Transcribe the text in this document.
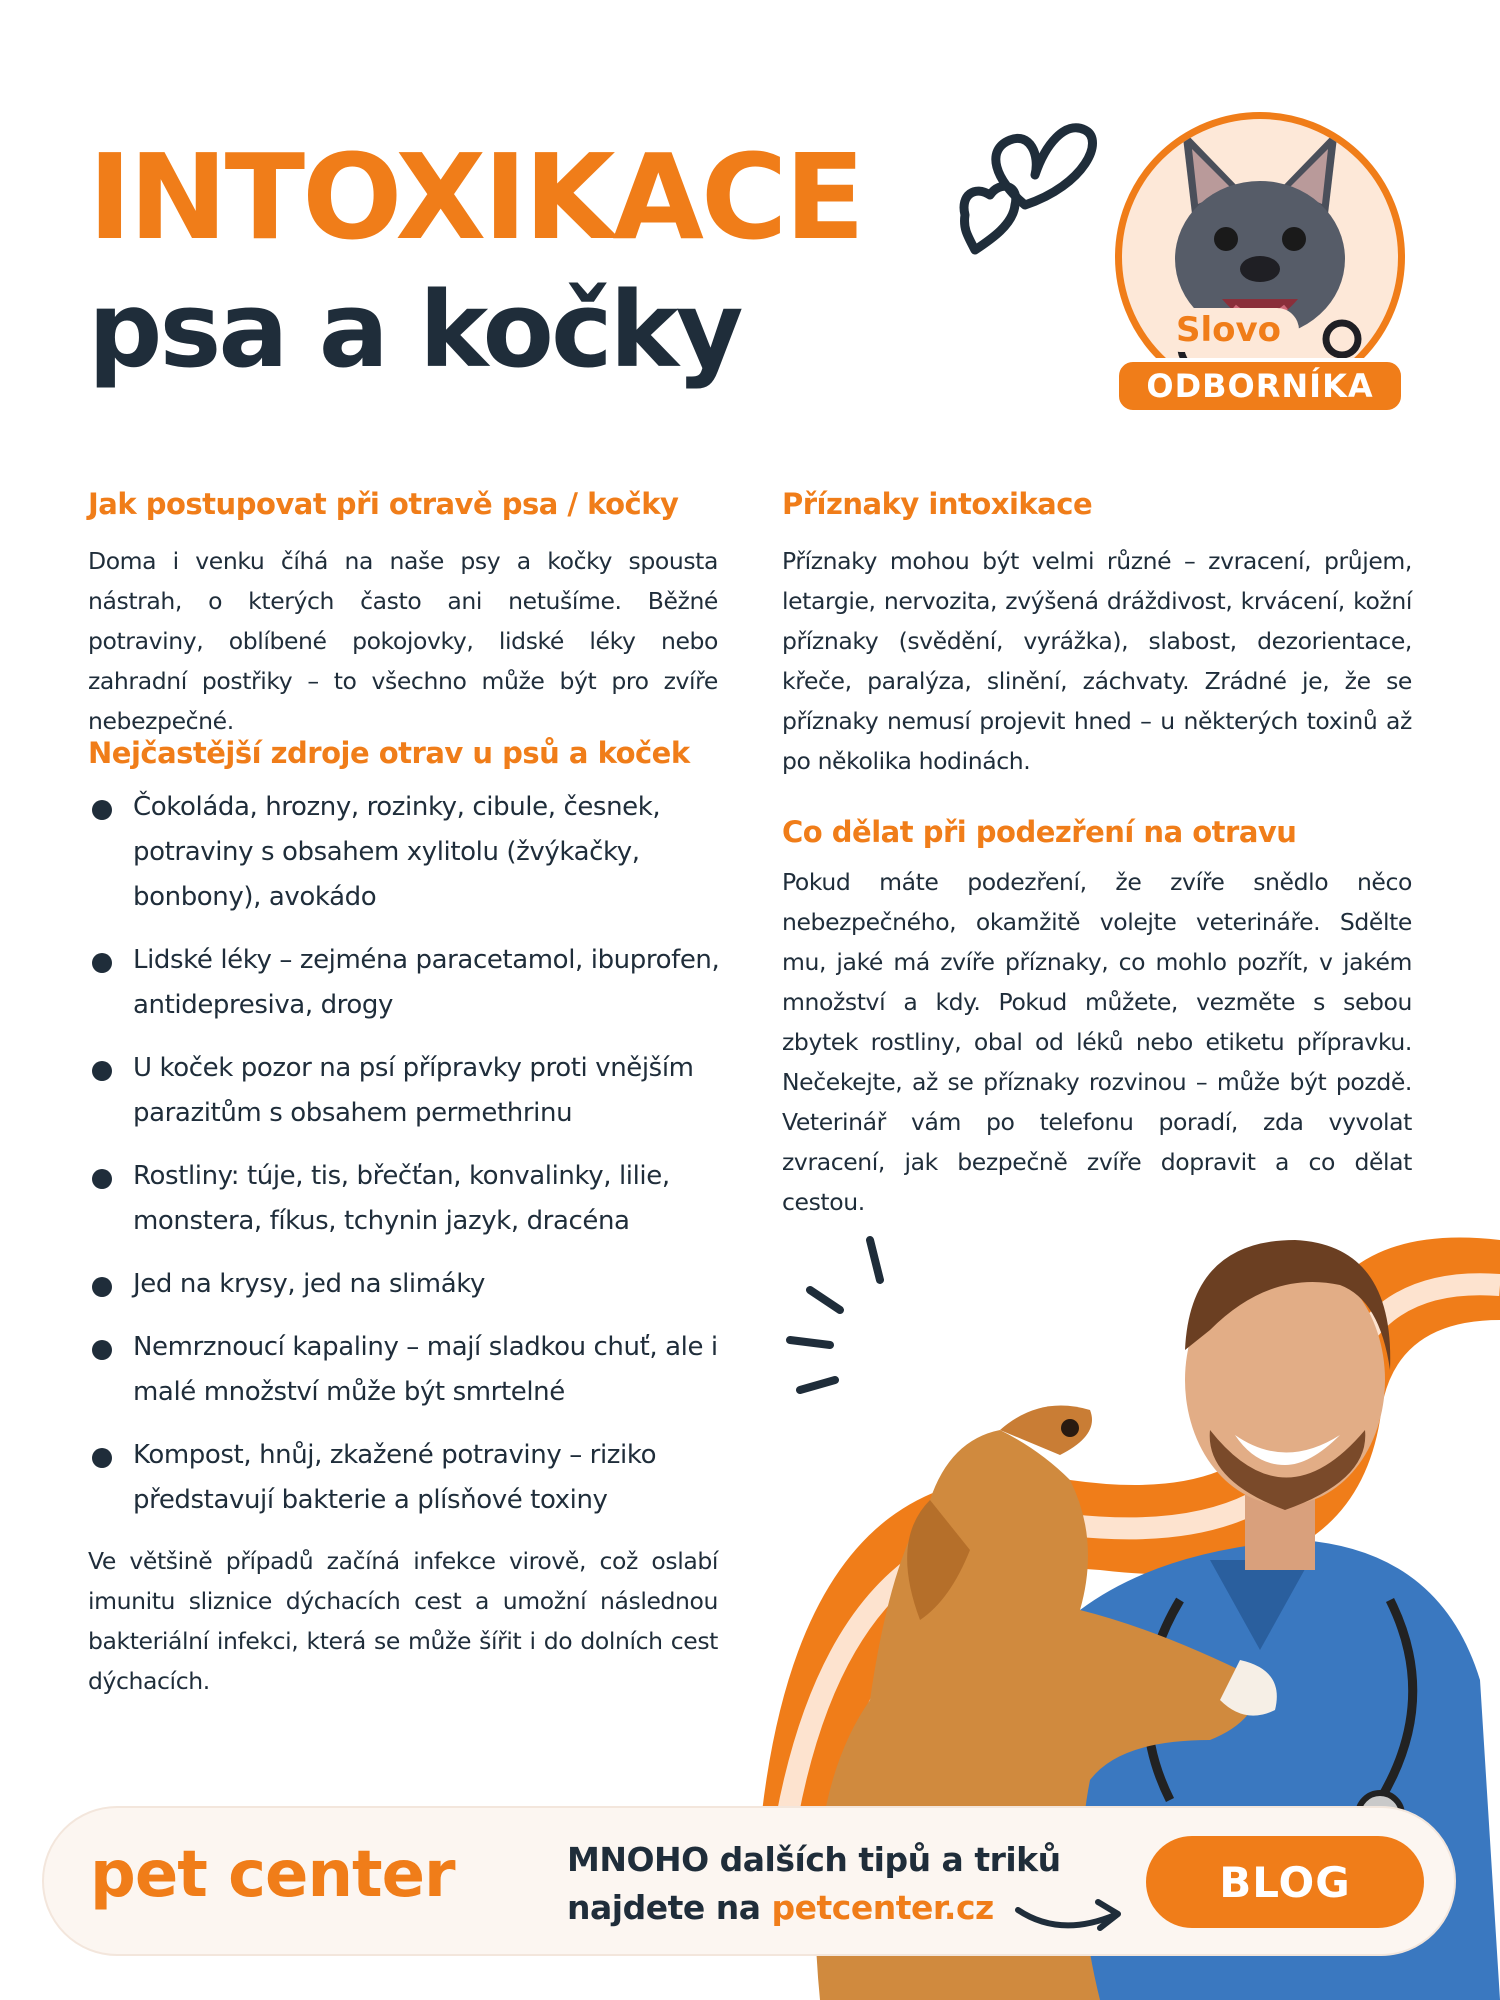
INTOXIKACE
psa a kočky	Slovo
ODBORNÍKA
Jak postupovat při otravě psa / kočky

Doma i venku číhá na naše psy a kočky spousta nástrah, o kterých často ani netušíme. Běžné potraviny, oblíbené pokojovky, lidské léky nebo zahradní postřiky – to všechno může být pro zvíře nebezpečné.

Nejčastější zdroje otrav u psů a koček
Čokoláda, hrozny, rozinky, cibule, česnek, potraviny s obsahem xylitolu (žvýkačky, bonbony), avokádo
Lidské léky – zejména paracetamol, ibuprofen, antidepresiva, drogy
U koček pozor na psí přípravky proti vnějším parazitům s obsahem permethrinu
Rostliny: túje, tis, břečťan, konvalinky, lilie, monstera, fíkus, tchynin jazyk, dracéna
Jed na krysy, jed na slimáky
Nemrznoucí kapaliny – mají sladkou chuť, ale i malé množství může být smrtelné
Kompost, hnůj, zkažené potraviny – riziko představují bakterie a plísňové toxiny

Ve většině případů začíná infekce virově, což oslabí imunitu sliznice dýchacích cest a umožní následnou bakteriální infekci, která se může šířit i do dolních cest dýchacích.

Příznaky intoxikace

Příznaky mohou být velmi různé – zvracení, průjem, letargie, nervozita, zvýšená dráždivost, krvácení, kožní příznaky (svědění, vyrážka), slabost, dezorientace, křeče, paralýza, slinění, záchvaty. Zrádné je, že se příznaky nemusí projevit hned – u některých toxinů až po několika hodinách.

Co dělat při podezření na otravu

Pokud máte podezření, že zvíře snědlo něco nebezpečného, okamžitě volejte veterináře. Sdělte mu, jaké má zvíře příznaky, co mohlo pozřít, v jakém množství a kdy. Pokud můžete, vezměte s sebou zbytek rostliny, obal od léků nebo etiketu přípravku. Nečekejte, až se příznaky rozvinou – může být pozdě. Veterinář vám po telefonu poradí, zda vyvolat zvracení, jak bezpečně zvíře dopravit a co dělat cestou.

pet center	MNOHO dalších tipů a triků
najdete na petcenter.cz
BLOG
